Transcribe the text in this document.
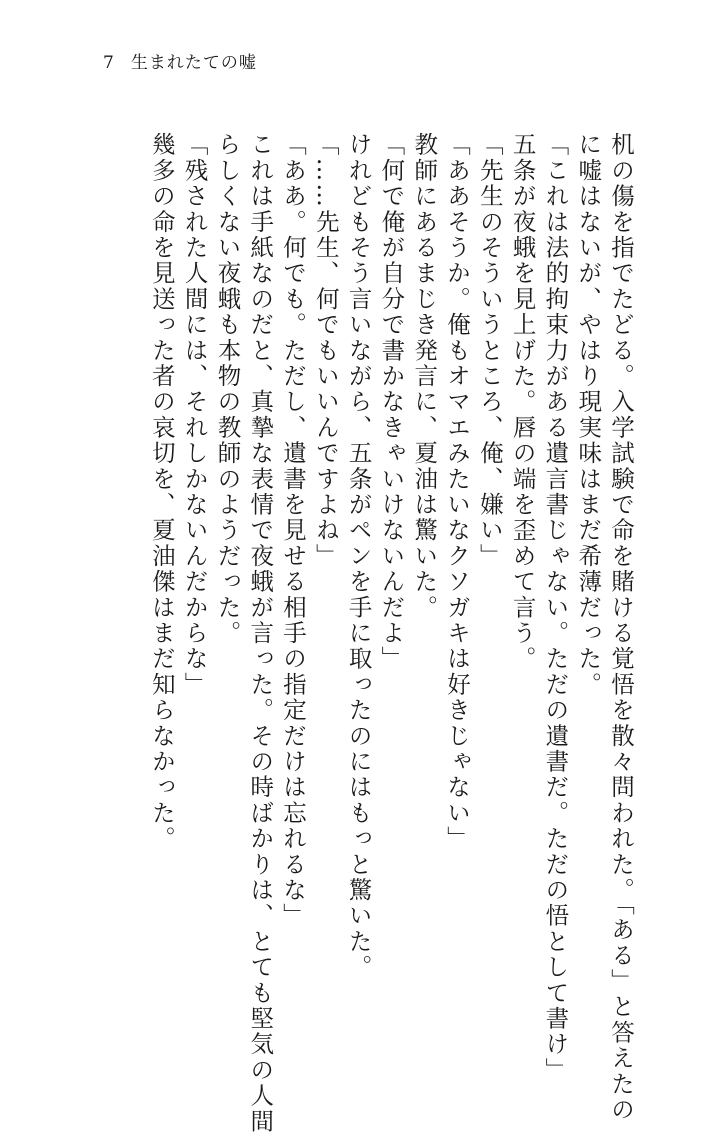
7 生まれたての嘘
机の傷を指でたどる。入学試験で命を賭ける覚悟を散々問われた。「ある」と答えたの
に嘘はないが、やはり現実味はまだ希薄だった。
「これは法的拘束力がある遺言書じゃない。ただの遺書だ。ただの悟として書け」
五条が夜蛾を見上げた。唇の端を歪めて言う。
「先生のそういうところ、俺、嫌い」
「ああそうか。俺もオマエみたいなクソガキは好きじゃない」
教師にあるまじき発言に、夏油は驚いた。
「何で俺が自分で書かなきゃいけないんだよ」
けれどもそう言いながら、五条がペンを手に取ったのにはもっと驚いた。
「……先生、何でもいいんですよね」
「ああ。何でも。ただし、遺書を見せる相手の指定だけは忘れるな」
これは手紙なのだと、真摯な表情で夜蛾が言った。その時ばかりは、とても堅気の人間
らしくない夜蛾も本物の教師のようだった。
「残された人間には、それしかないんだからな」
幾多の命を見送った者の哀切を、夏油傑はまだ知らなかった。
